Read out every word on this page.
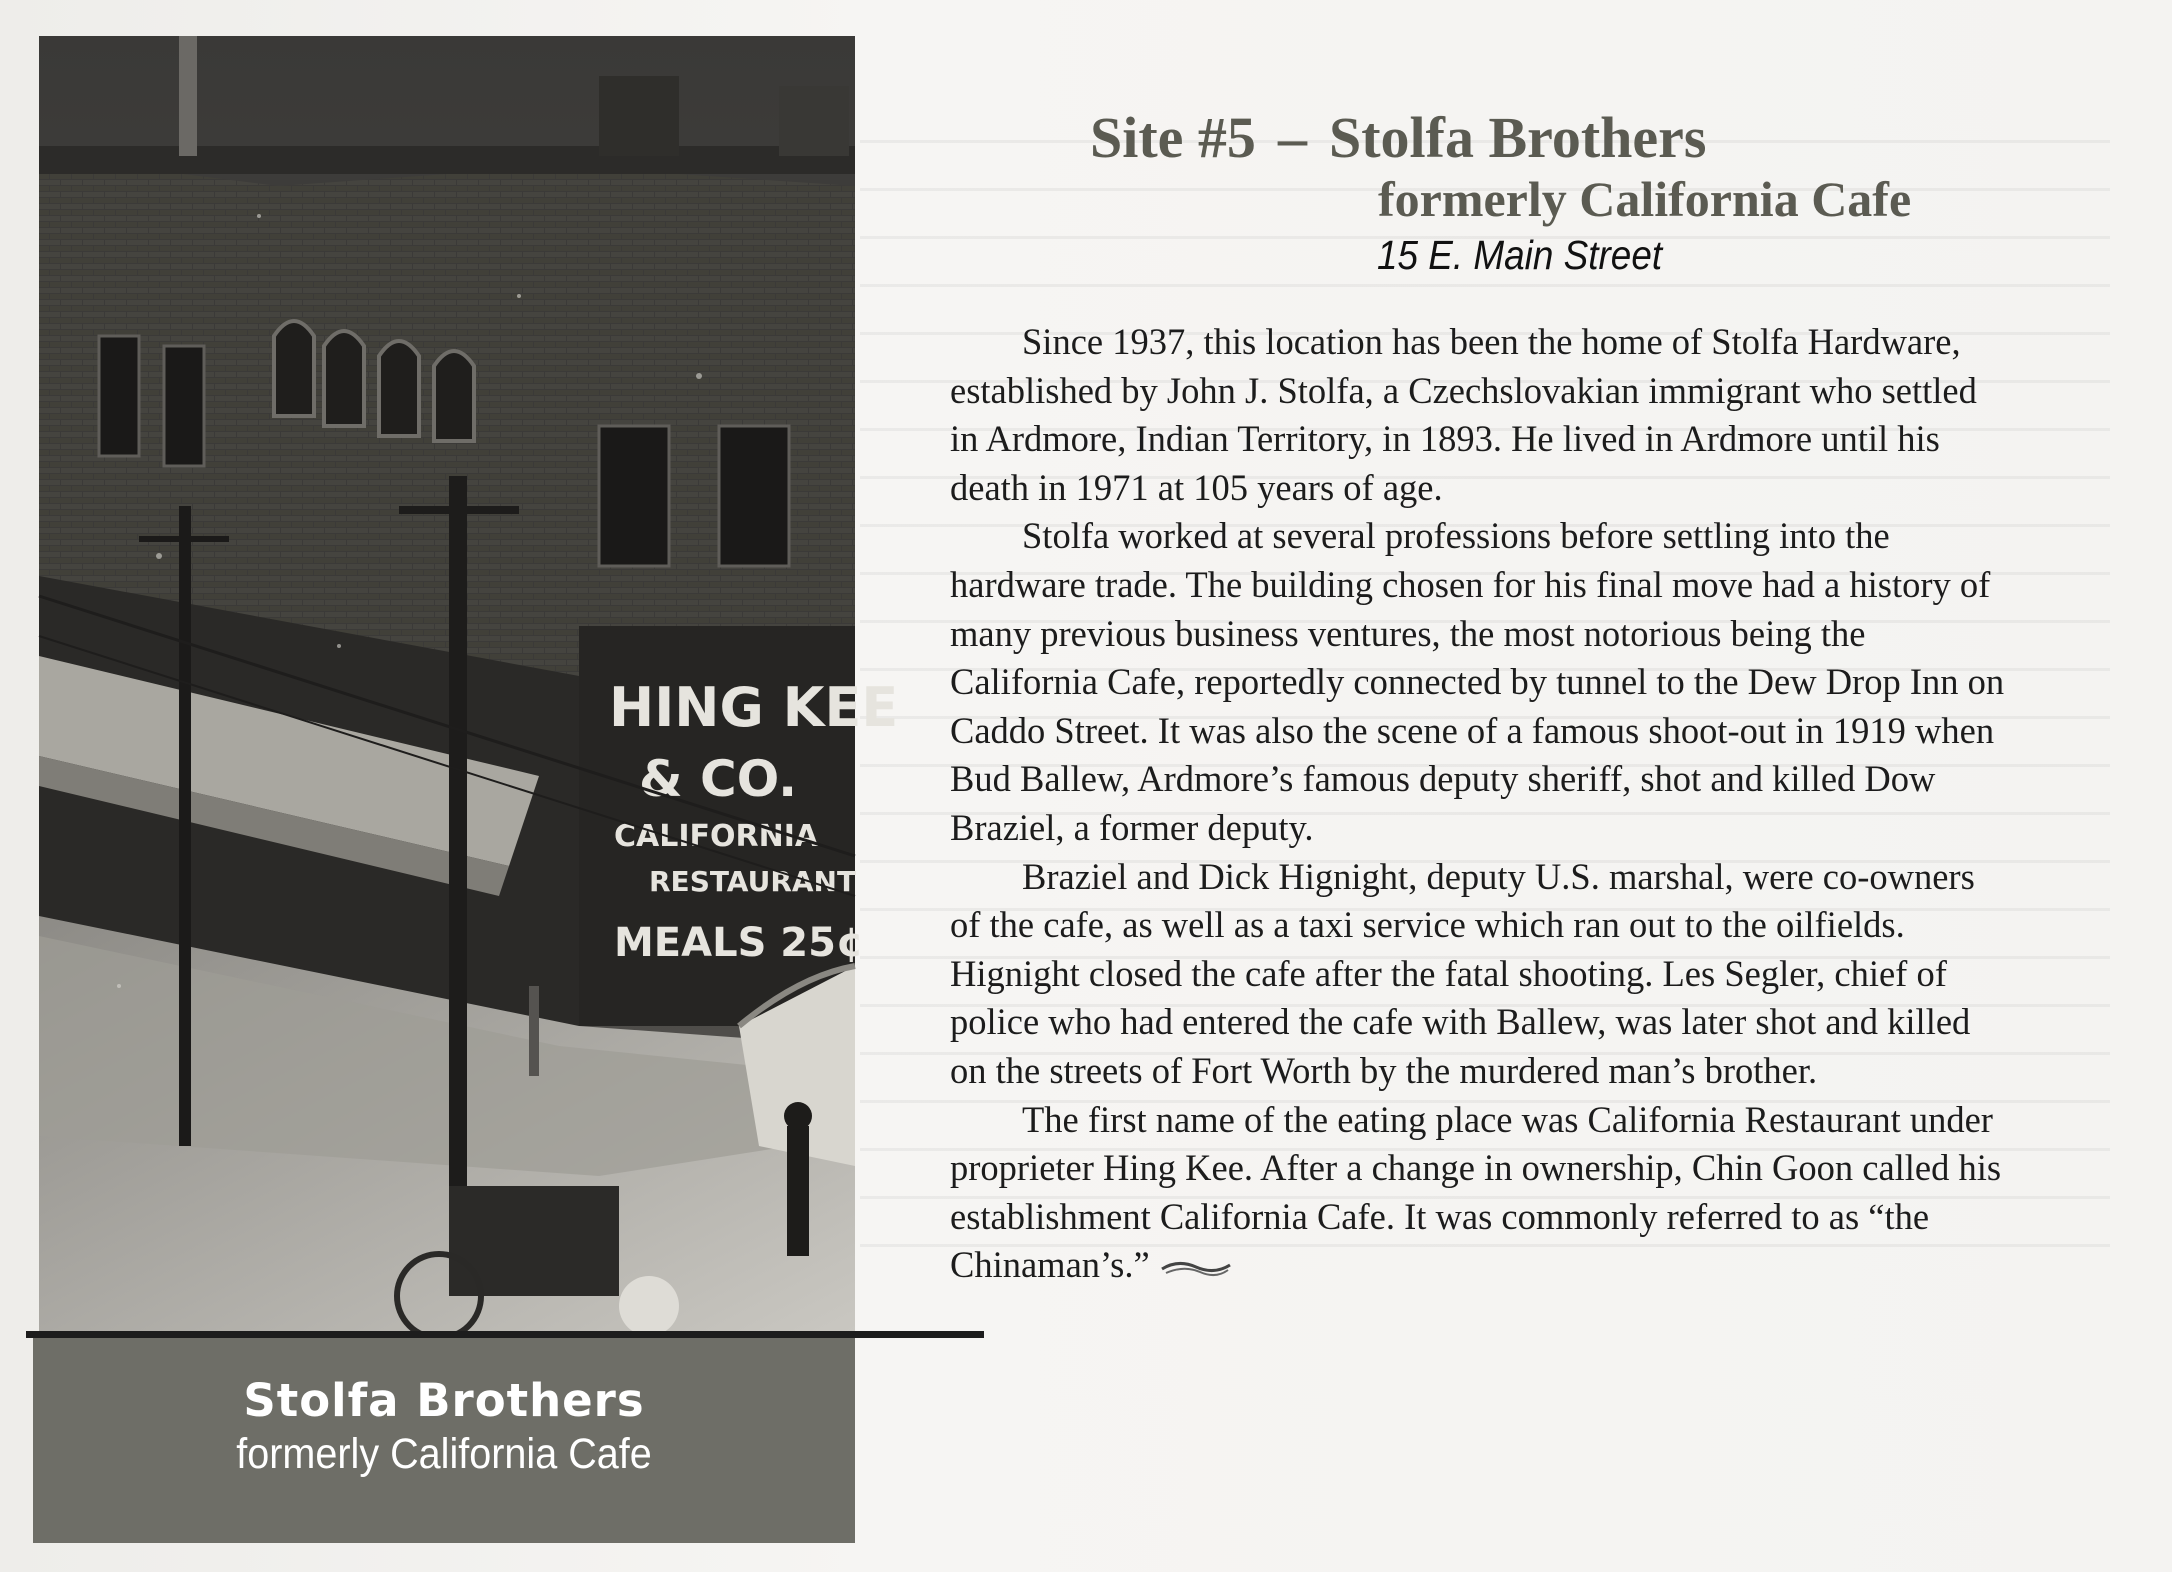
HING KEE
& CO.
CALIFORNIA
RESTAURANT
MEALS 25¢
Stolfa Brothers
formerly California Cafe
Site #5 – Stolfa Brothers
formerly California Cafe
15 E. Main Street

Since 1937, this location has been the home of Stolfa Hardware, established by John J. Stolfa, a Czechslovakian immigrant who settled in Ardmore, Indian Territory, in 1893. He lived in Ardmore until his death in 1971 at 105 years of age.

Stolfa worked at several professions before settling into the hardware trade. The building chosen for his final move had a history of many previous business ventures, the most notorious being the California Cafe, reportedly connected by tunnel to the Dew Drop Inn on Caddo Street. It was also the scene of a famous shoot-out in 1919 when Bud Ballew, Ardmore’s famous deputy sheriff, shot and killed Dow Braziel, a former deputy.

Braziel and Dick Hignight, deputy U.S. marshal, were co-owners of the cafe, as well as a taxi service which ran out to the oilfields. Hignight closed the cafe after the fatal shooting. Les Segler, chief of police who had entered the cafe with Ballew, was later shot and killed on the streets of Fort Worth by the murdered man’s brother.

The first name of the eating place was California Restaurant under proprieter Hing Kee. After a change in ownership, Chin Goon called his establishment California Cafe. It was commonly referred to as “the Chinaman’s.”
